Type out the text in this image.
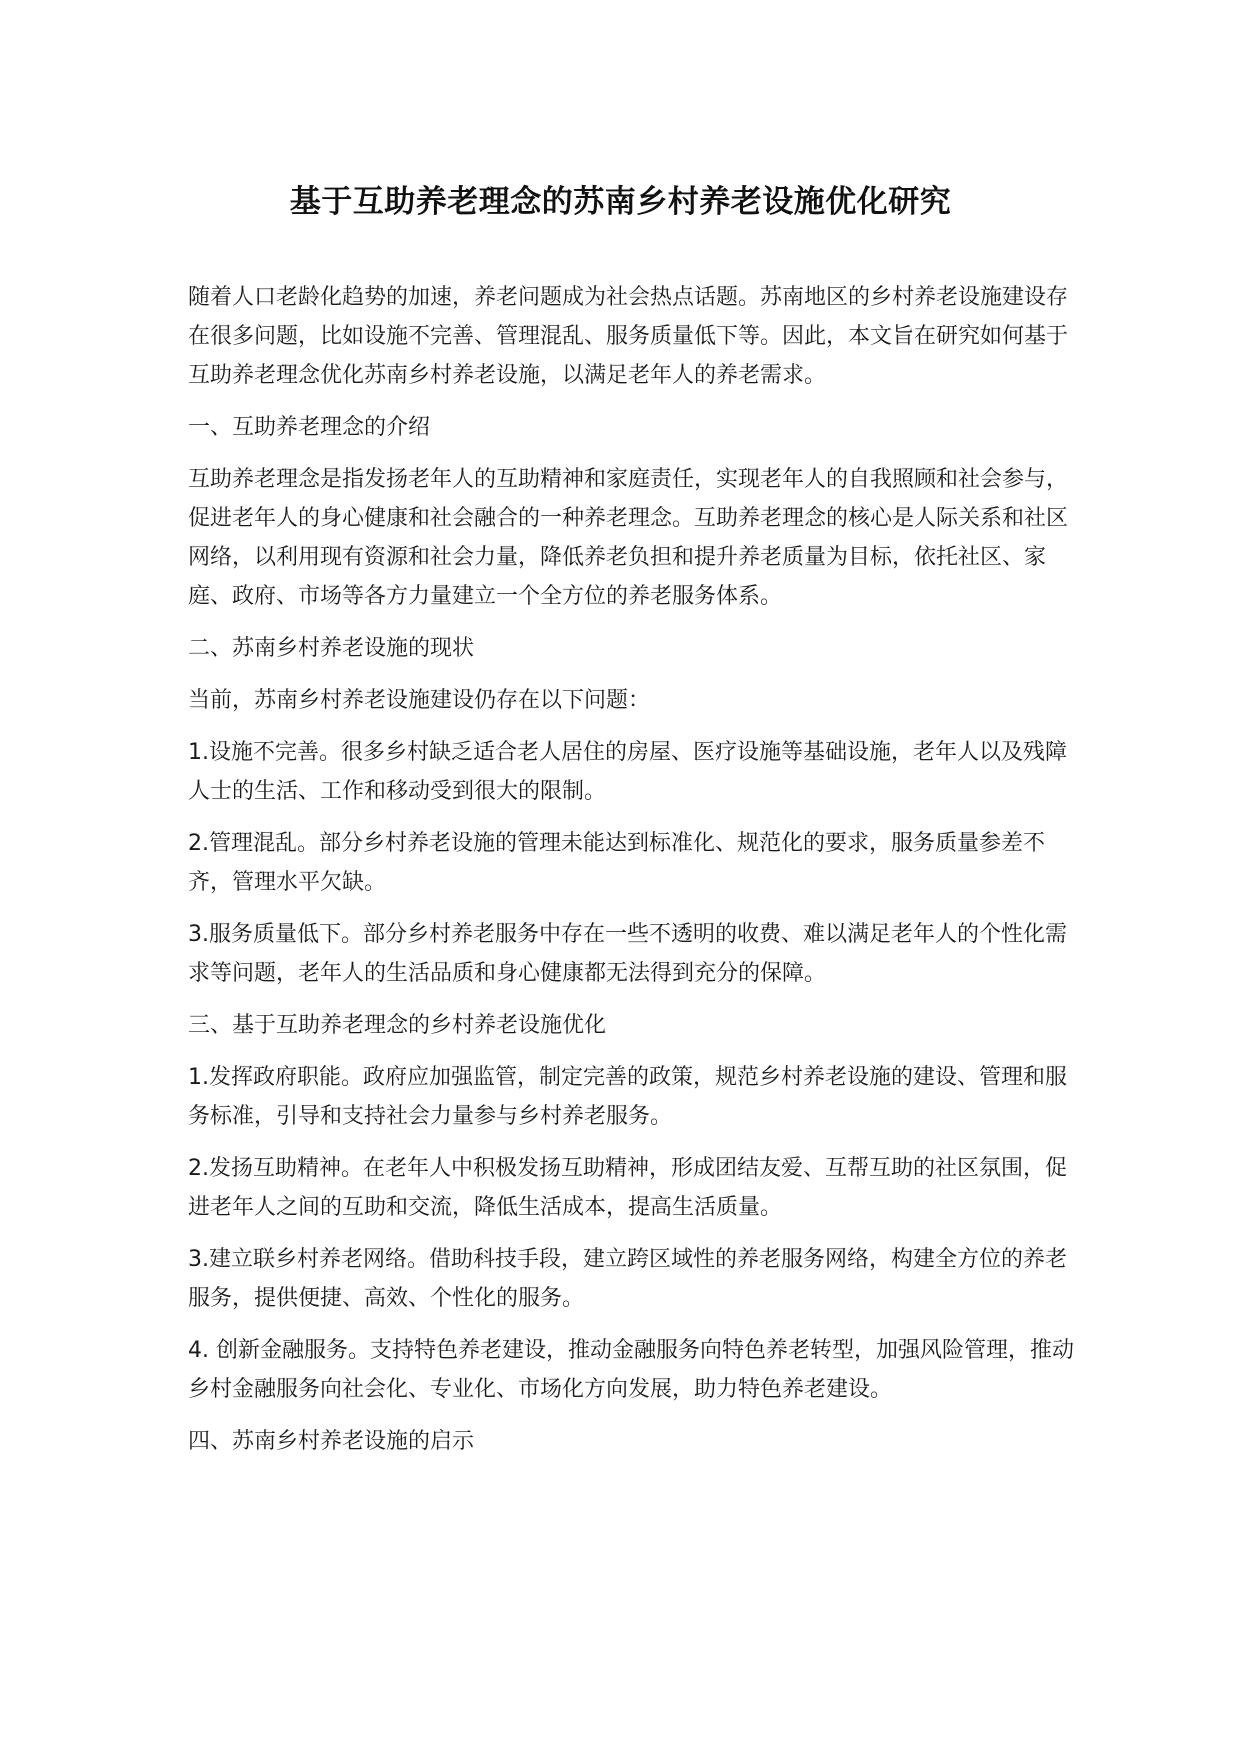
基于互助养老理念的苏南乡村养老设施优化研究

随着人口老龄化趋势的加速，养老问题成为社会热点话题。苏南地区的乡村养老设施建设存在很多问题，比如设施不完善、管理混乱、服务质量低下等。因此，本文旨在研究如何基于互助养老理念优化苏南乡村养老设施，以满足老年人的养老需求。

一、互助养老理念的介绍

互助养老理念是指发扬老年人的互助精神和家庭责任，实现老年人的自我照顾和社会参与，促进老年人的身心健康和社会融合的一种养老理念。互助养老理念的核心是人际关系和社区网络，以利用现有资源和社会力量，降低养老负担和提升养老质量为目标，依托社区、家庭、政府、市场等各方力量建立一个全方位的养老服务体系。

二、苏南乡村养老设施的现状

当前，苏南乡村养老设施建设仍存在以下问题：

1.设施不完善。很多乡村缺乏适合老人居住的房屋、医疗设施等基础设施，老年人以及残障人士的生活、工作和移动受到很大的限制。

2.管理混乱。部分乡村养老设施的管理未能达到标准化、规范化的要求，服务质量参差不齐，管理水平欠缺。

3.服务质量低下。部分乡村养老服务中存在一些不透明的收费、难以满足老年人的个性化需求等问题，老年人的生活品质和身心健康都无法得到充分的保障。

三、基于互助养老理念的乡村养老设施优化

1.发挥政府职能。政府应加强监管，制定完善的政策，规范乡村养老设施的建设、管理和服务标准，引导和支持社会力量参与乡村养老服务。

2.发扬互助精神。在老年人中积极发扬互助精神，形成团结友爱、互帮互助的社区氛围，促进老年人之间的互助和交流，降低生活成本，提高生活质量。

3.建立联乡村养老网络。借助科技手段，建立跨区域性的养老服务网络，构建全方位的养老服务，提供便捷、高效、个性化的服务。

4. 创新金融服务。支持特色养老建设，推动金融服务向特色养老转型，加强风险管理，推动乡村金融服务向社会化、专业化、市场化方向发展，助力特色养老建设。

四、苏南乡村养老设施的启示
